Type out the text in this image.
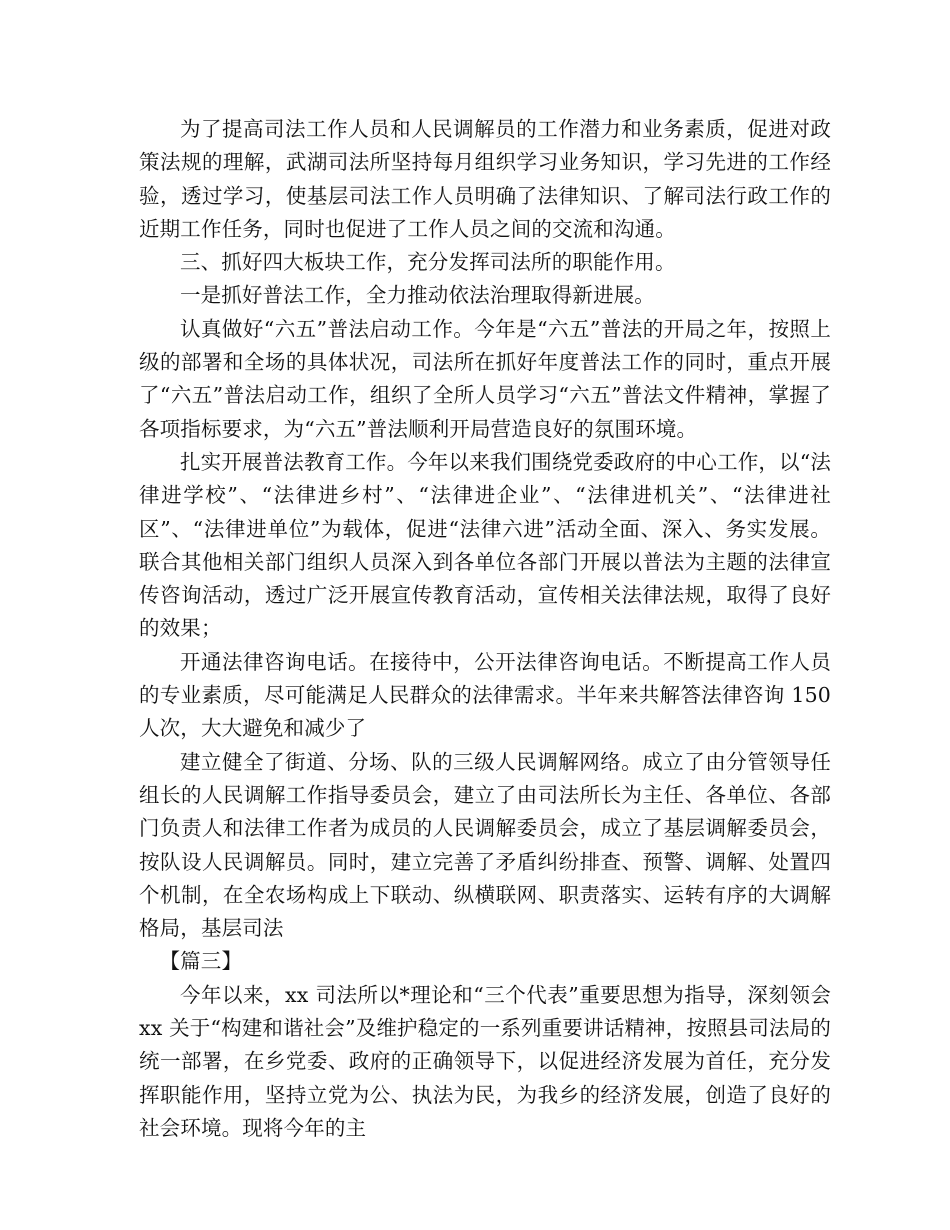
为了提高司法工作人员和人民调解员的工作潜力和业务素质，促进对政策法规的理解，武湖司法所坚持每月组织学习业务知识，学习先进的工作经验，透过学习，使基层司法工作人员明确了法律知识、了解司法行政工作的近期工作任务，同时也促进了工作人员之间的交流和沟通。

三、抓好四大板块工作，充分发挥司法所的职能作用。

一是抓好普法工作，全力推动依法治理取得新进展。

认真做好“六五”普法启动工作。今年是“六五”普法的开局之年，按照上级的部署和全场的具体状况，司法所在抓好年度普法工作的同时，重点开展了“六五”普法启动工作，组织了全所人员学习“六五”普法文件精神，掌握了各项指标要求，为“六五”普法顺利开局营造良好的氛围环境。

扎实开展普法教育工作。今年以来我们围绕党委政府的中心工作，以“法律进学校”、“法律进乡村”、“法律进企业”、“法律进机关”、“法律进社区”、“法律进单位”为载体，促进“法律六进”活动全面、深入、务实发展。联合其他相关部门组织人员深入到各单位各部门开展以普法为主题的法律宣传咨询活动，透过广泛开展宣传教育活动，宣传相关法律法规，取得了良好的效果；

开通法律咨询电话。在接待中，公开法律咨询电话。不断提高工作人员的专业素质，尽可能满足人民群众的法律需求。半年来共解答法律咨询 150 人次，大大避免和减少了

建立健全了街道、分场、队的三级人民调解网络。成立了由分管领导任组长的人民调解工作指导委员会，建立了由司法所长为主任、各单位、各部门负责人和法律工作者为成员的人民调解委员会，成立了基层调解委员会，按队设人民调解员。同时，建立完善了矛盾纠纷排查、预警、调解、处置四个机制，在全农场构成上下联动、纵横联网、职责落实、运转有序的大调解格局，基层司法

【篇三】

今年以来，xx 司法所以*理论和“三个代表”重要思想为指导，深刻领会 xx 关于“构建和谐社会”及维护稳定的一系列重要讲话精神，按照县司法局的统一部署，在乡党委、政府的正确领导下，以促进经济发展为首任，充分发挥职能作用，坚持立党为公、执法为民，为我乡的经济发展，创造了良好的社会环境。现将今年的主
